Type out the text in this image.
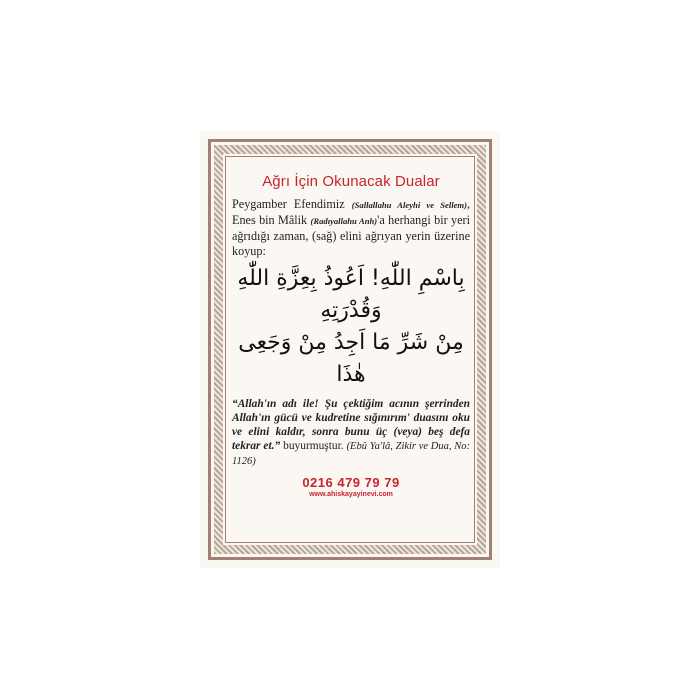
Ağrı İçin Okunacak Dualar

Peygamber Efendimiz (Sallallahu Aleyhi ve Sellem), Enes bin Mâlik (Radıyallahu Anh)'a herhangi bir yeri ağrıdığı zaman, (sağ) elini ağrıyan yerin üzerine koyup:

بِاسْمِ اللّٰهِ! اَعُوذُ بِعِزَّةِ اللّٰهِ وَقُدْرَتِهِ
مِنْ شَرِّ مَا اَجِدُ مِنْ وَجَعِى هٰذَا

“Allah'ın adı ile! Şu çektiğim acının şerrinden Allah'ın gücü ve kudretine sığınırım' duasını oku ve elini kaldır, sonra bunu üç (veya) beş defa tekrar et.” buyurmuştur. (Ebû Ya'lâ, Zikir ve Dua, No: 1126)

0216 479 79 79
www.ahiskayayinevi.com
